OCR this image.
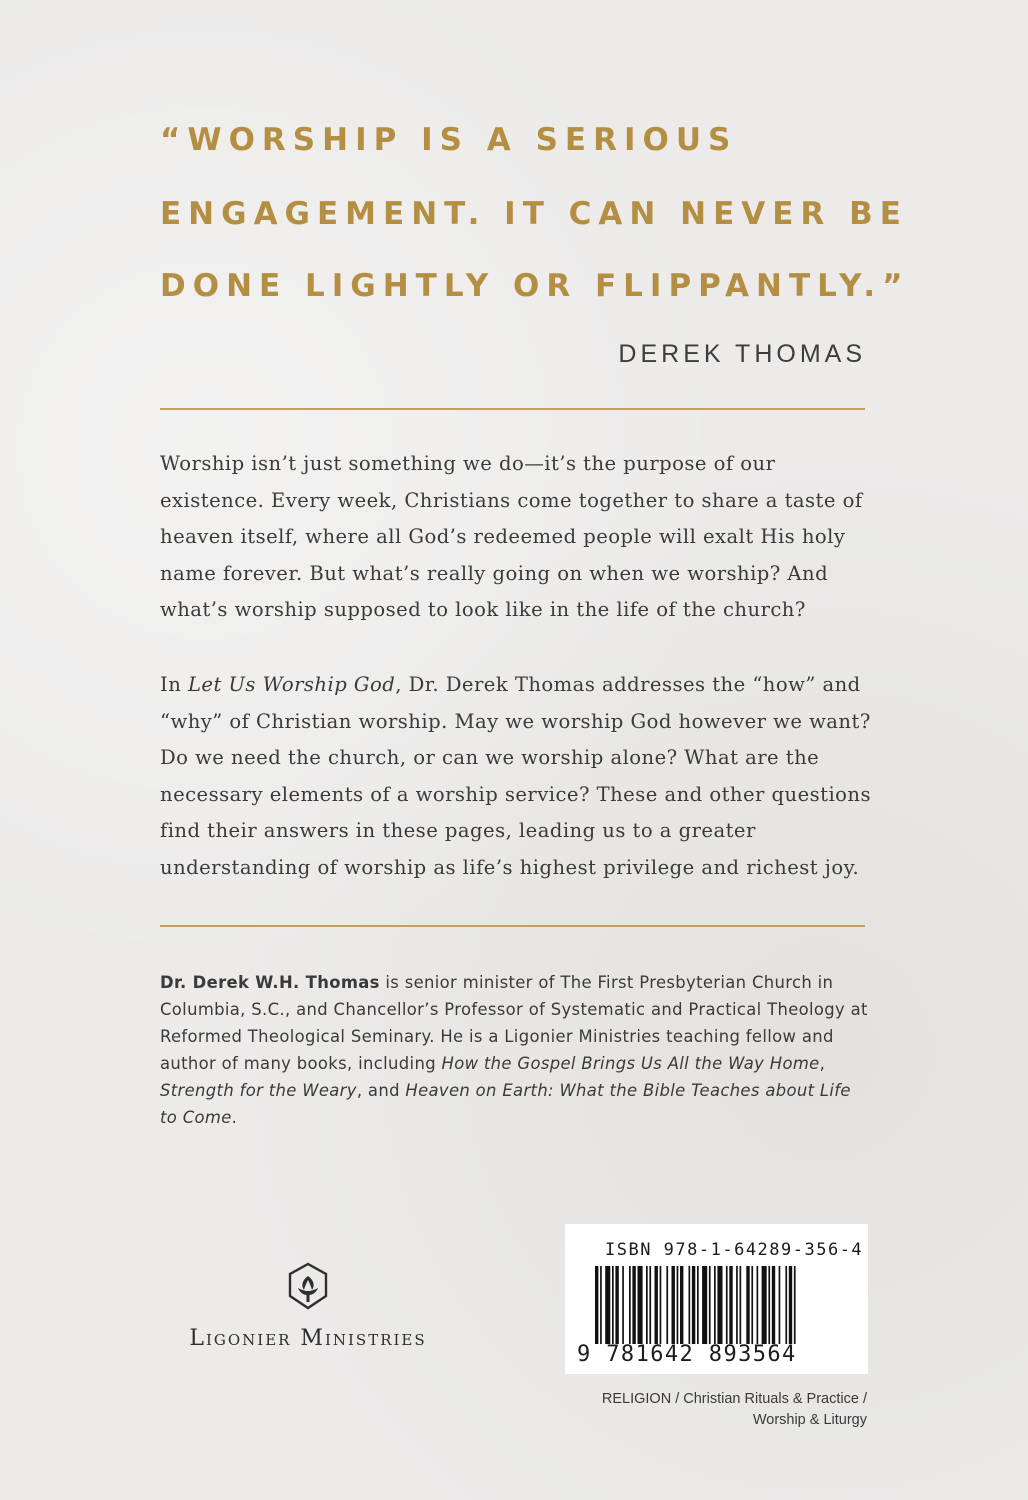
“WORSHIP IS A SERIOUS
ENGAGEMENT. IT CAN NEVER BE
DONE LIGHTLY OR FLIPPANTLY.”
DEREK THOMAS

Worship isn’t just something we do—it’s the purpose of our existence. Every week, Christians come together to share a taste of heaven itself, where all God’s redeemed people will exalt His holy name forever. But what’s really going on when we worship? And what’s worship supposed to look like in the life of the church?

In Let Us Worship God, Dr. Derek Thomas addresses the “how” and “why” of Christian worship. May we worship God however we want? Do we need the church, or can we worship alone? What are the necessary elements of a worship service? These and other questions find their answers in these pages, leading us to a greater understanding of worship as life’s highest privilege and richest joy.

Dr. Derek W.H. Thomas is senior minister of The First Presbyterian Church in Columbia, S.C., and Chancellor’s Professor of Systematic and Practical Theology at Reformed Theological Seminary. He is a Ligonier Ministries teaching fellow and author of many books, including How the Gospel Brings Us All the Way Home, Strength for the Weary, and Heaven on Earth: What the Bible Teaches about Life to Come.

Ligonier Ministries
ISBN 978-1-64289-356-4
9 781642 893564
RELIGION / Christian Rituals & Practice /
Worship & Liturgy
